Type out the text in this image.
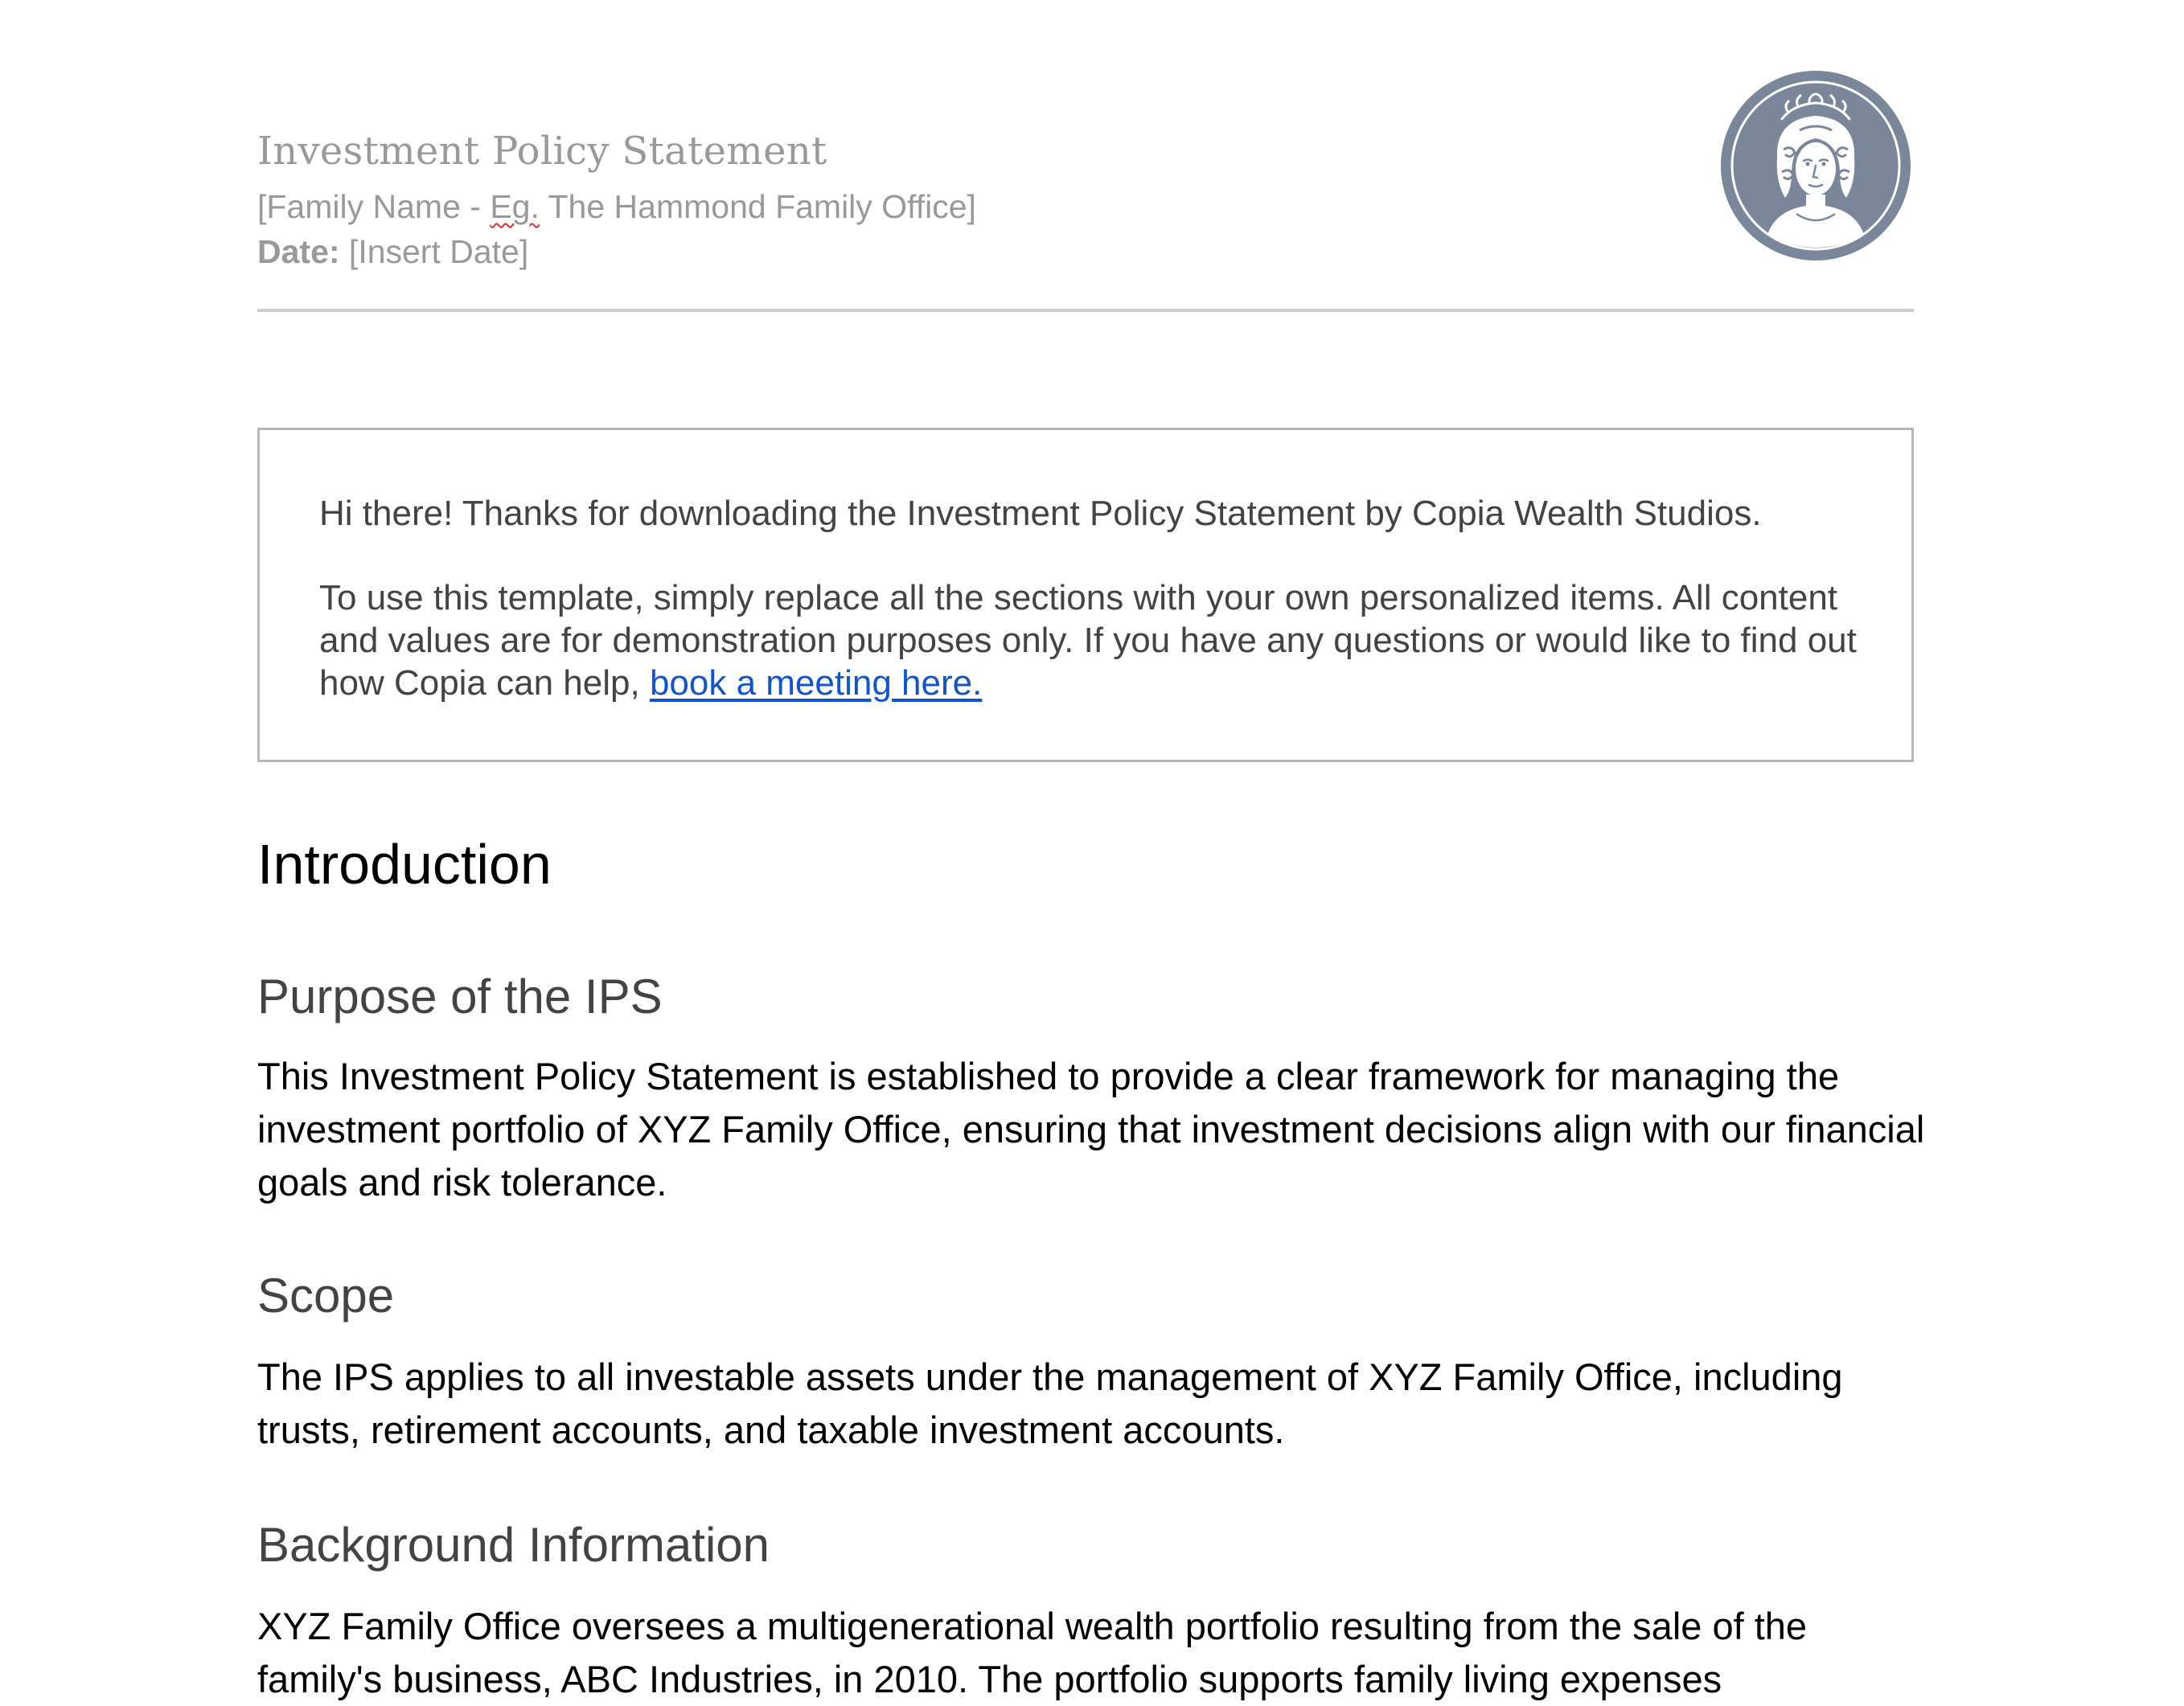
Investment Policy Statement
[Family Name - Eg. The Hammond Family Office]
Date: [Insert Date]
Hi there! Thanks for downloading the Investment Policy Statement by Copia Wealth Studios.
To use this template, simply replace all the sections with your own personalized items. All content and values are for demonstration purposes only. If you have any questions or would like to find out how Copia can help, book a meeting here.
Introduction
Purpose of the IPS
This Investment Policy Statement is established to provide a clear framework for managing the investment portfolio of XYZ Family Office, ensuring that investment decisions align with our financial goals and risk tolerance.
Scope
The IPS applies to all investable assets under the management of XYZ Family Office, including trusts, retirement accounts, and taxable investment accounts.
Background Information
XYZ Family Office oversees a multigenerational wealth portfolio resulting from the sale of the family's business, ABC Industries, in 2010. The portfolio supports family living expenses
